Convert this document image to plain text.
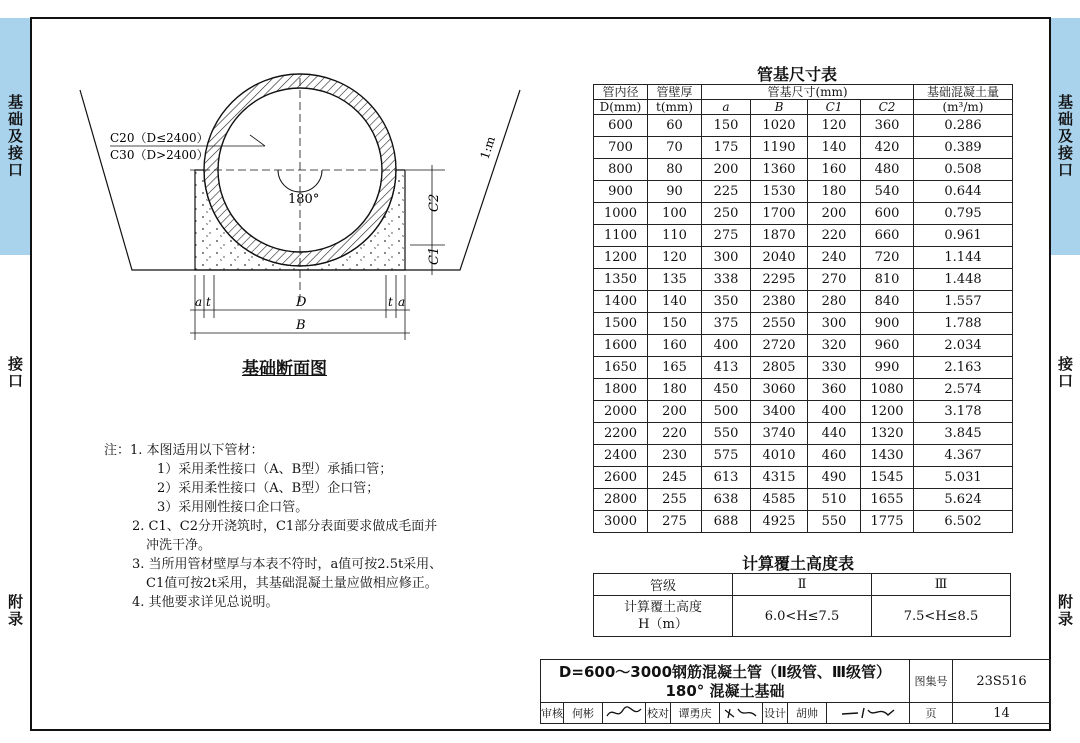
基础及接口
接口
附录
基础及接口
接口
附录
180°
C20（D≤2400）
C30（D>2400）	1:m
C2
C1
a t	D	t a
B
基础断面图
管基尺寸表
管内径	管壁厚	管基尺寸(mm)				基础混凝土量

D(mm)	t(mm)	a	B	C1	C2	(m³/m)
600	60	150	1020	120	360	0.286
700	70	175	1190	140	420	0.389
800	80	200	1360	160	480	0.508
900	90	225	1530	180	540	0.644
1000	100	250	1700	200	600	0.795
1100	110	275	1870	220	660	0.961
1200	120	300	2040	240	720	1.144
1350	135	338	2295	270	810	1.448
1400	140	350	2380	280	840	1.557
1500	150	375	2550	300	900	1.788
1600	160	400	2720	320	960	2.034
1650	165	413	2805	330	990	2.163
1800	180	450	3060	360	1080	2.574
2000	200	500	3400	400	1200	3.178
2200	220	550	3740	440	1320	3.845
2400	230	575	4010	460	1430	4.367
2600	245	613	4315	490	1545	5.031
2800	255	638	4585	510	1655	5.624
3000	275	688	4925	550	1775	6.502
计算覆土高度表
管级	Ⅱ	Ⅲ

计算覆土高度
H（m）	6.0<H≤7.5	7.5<H≤8.5
注：1. 本图适用以下管材：
1）采用柔性接口（A、B型）承插口管；
2）采用柔性接口（A、B型）企口管；
3）采用刚性接口企口管。
2. C1、C2分开浇筑时，C1部分表面要求做成毛面并
冲洗干净。
3. 当所用管材壁厚与本表不符时，a值可按2.5t采用、
C1值可按2t采用，其基础混凝土量应做相应修正。
4. 其他要求详见总说明。
D=600～3000钢筋混凝土管（Ⅱ级管、Ⅲ级管）
180° 混凝土基础
图集号	23S516
审核 何彬	校对 谭勇庆	设计 胡帅	页	14
